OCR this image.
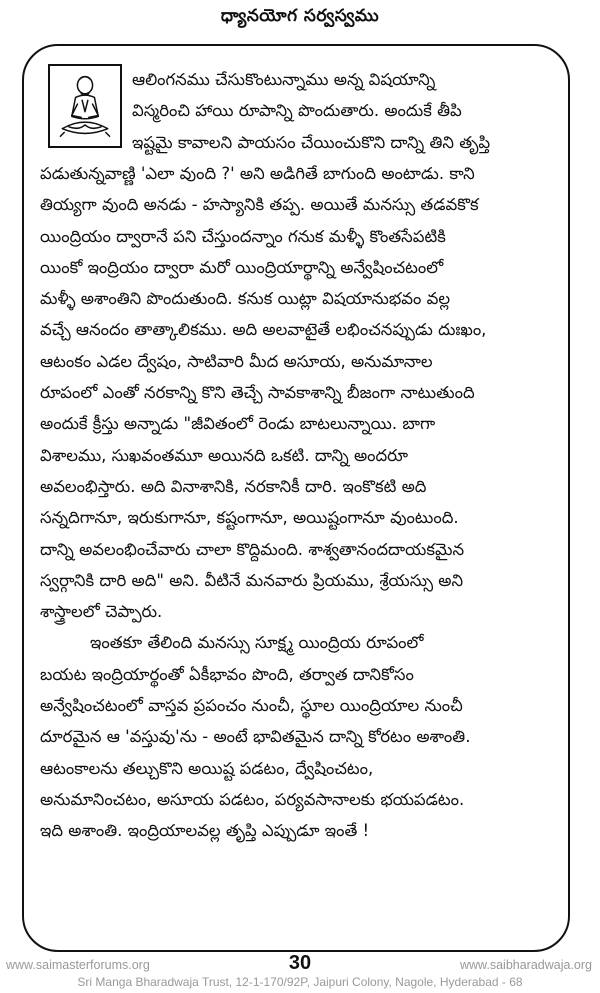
ధ్యానయోగ సర్వస్వము
ఆలింగనము చేసుకొంటున్నాము అన్న విషయాన్ని
విస్మరించి హాయి రూపాన్ని పొందుతారు. అందుకే తీపి
ఇష్టమై కావాలని పాయసం చేయించుకొని దాన్ని తిని తృప్తి
పడుతున్నవాణ్ణి 'ఎలా వుంది ?' అని అడిగితే బాగుంది అంటాడు. కాని
తియ్యగా వుంది అనడు - హస్యానికి తప్ప. అయితే మనస్సు తడవకొక
యింద్రియం ద్వారానే పని చేస్తుందన్నాం గనుక మళ్ళీ కొంతసేపటికి
యింకో ఇంద్రియం ద్వారా మరో యింద్రియార్థాన్ని అన్వేషించటంలో
మళ్ళీ అశాంతిని పొందుతుంది. కనుక యిట్లా విషయానుభవం వల్ల
వచ్చే ఆనందం తాత్కాలికము. అది అలవాటైతే లభించనప్పుడు దుఃఖం,
ఆటంకం ఎడల ద్వేషం, సాటివారి మీద అసూయ, అనుమానాల
రూపంలో ఎంతో నరకాన్ని కొని తెచ్చే సావకాశాన్ని బీజంగా నాటుతుంది
అందుకే క్రీస్తు అన్నాడు "జీవితంలో రెండు బాటలున్నాయి. బాగా
విశాలము, సుఖవంతమూ అయినది ఒకటి. దాన్ని అందరూ
అవలంభిస్తారు. అది వినాశానికి, నరకానికీ దారి. ఇంకొకటి అది
సన్నదిగానూ, ఇరుకుగానూ, కష్టంగానూ, అయిష్టంగానూ వుంటుంది.
దాన్ని అవలంభించేవారు చాలా కొద్దిమంది. శాశ్వతానందదాయకమైన
స్వర్గానికి దారి అది" అని. వీటినే మనవారు ప్రియము, శ్రేయస్సు అని
శాస్త్రాలలో చెప్పారు.
ఇంతకూ తేలింది మనస్సు సూక్ష్మ యింద్రియ రూపంలో
బయట ఇంద్రియార్థంతో ఏకీభావం పొంది, తర్వాత దానికోసం
అన్వేషించటంలో వాస్తవ ప్రపంచం నుంచీ, స్థూల యింద్రియాల నుంచీ
దూరమైన ఆ 'వస్తువు'ను - అంటే భావితమైన దాన్ని కోరటం అశాంతి.
ఆటంకాలను తల్చుకొని అయిష్ట పడటం, ద్వేషించటం,
అనుమానించటం, అసూయ పడటం, పర్యవసానాలకు భయపడటం.
ఇది అశాంతి. ఇంద్రియాలవల్ల తృప్తి ఎప్పుడూ ఇంతే !
www.saimasterforums.org	30	www.saibharadwaja.org
Sri Manga Bharadwaja Trust, 12-1-170/92P, Jaipuri Colony, Nagole, Hyderabad - 68
